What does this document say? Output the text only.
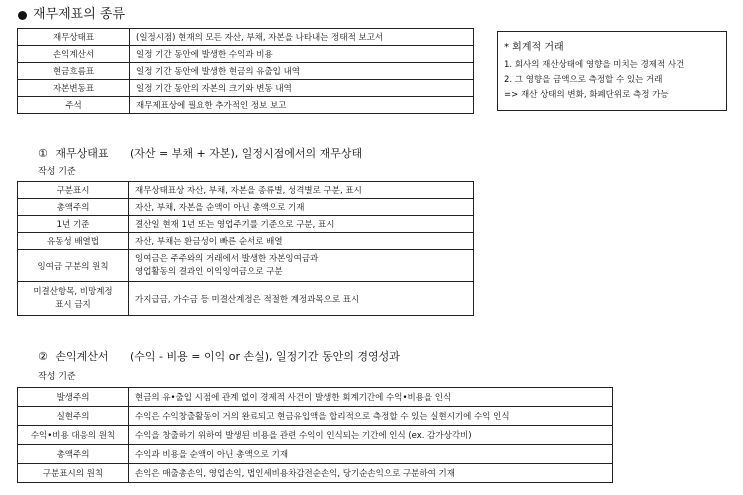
재무제표의 종류
재무상태표	(일정시점) 현재의 모든 자산, 부채, 자본을 나타내는 정태적 보고서
손익계산서	일정 기간 동안에 발생한 수익과 비용
현금흐름표	일정 기간 동안에 발생한 현금의 유출입 내역
자본변동표	일정 기간 동안의 자본의 크기와 변동 내역
주석	재무제표상에 필요한 추가적인 정보 보고
* 회계적 거래
1. 회사의 재산상태에 영향을 미치는 경제적 사건
2. 그 영향을 금액으로 측정할 수 있는 거래
=> 재산 상태의 변화, 화폐단위로 측정 가능
① 재무상태표 (자산 = 부채 + 자본), 일정시점에서의 재무상태
작성 기준
구분표시	재무상태표상 자산, 부채, 자본을 종류별, 성격별로 구분, 표시
총액주의	자산, 부채, 자본을 순액이 아닌 총액으로 기재
1년 기준	결산일 현재 1년 또는 영업주기를 기준으로 구분, 표시
유동성 배열법	자산, 부채는 환금성이 빠른 순서로 배열
잉여금 구분의 원칙	잉여금은 주주와의 거래에서 발생한 자본잉여금과
영업활동의 결과인 이익잉여금으로 구분

미결산항목, 비망계정
표시 금지	가지급금, 가수금 등 미결산계정은 적절한 계정과목으로 표시
② 손익계산서 (수익 - 비용 = 이익 or 손실), 일정기간 동안의 경영성과
작성 기준
발생주의	현금의 유•출입 시점에 관계 없이 경제적 사건이 발생한 회계기간에 수익•비용을 인식
실현주의	수익은 수익창출활동이 거의 완료되고 현금유입액을 합리적으로 측정할 수 있는 실현시기에 수익 인식
수익•비용 대응의 원칙	수익을 창출하기 위하여 발생된 비용을 관련 수익이 인식되는 기간에 인식 (ex. 감가상각비)
총액주의	수익과 비용을 순액이 아닌 총액으로 기재
구분표시의 원칙	손익은 매출총손익, 영업손익, 법인세비용차감전순손익, 당기순손익으로 구분하여 기재
